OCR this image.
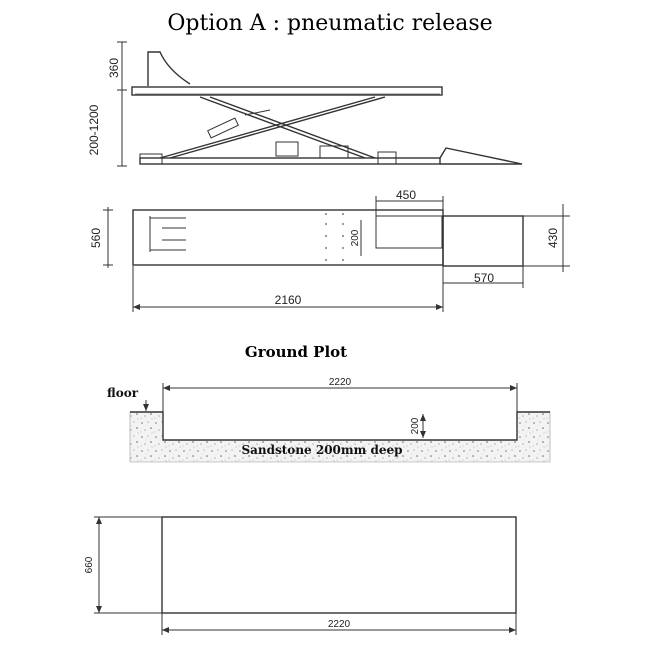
Option A : pneumatic release
360
200-1200
560	200
450
430
570
2160
Ground Plot
floor
2220
200
Sandstone 200mm deep
660
2220
